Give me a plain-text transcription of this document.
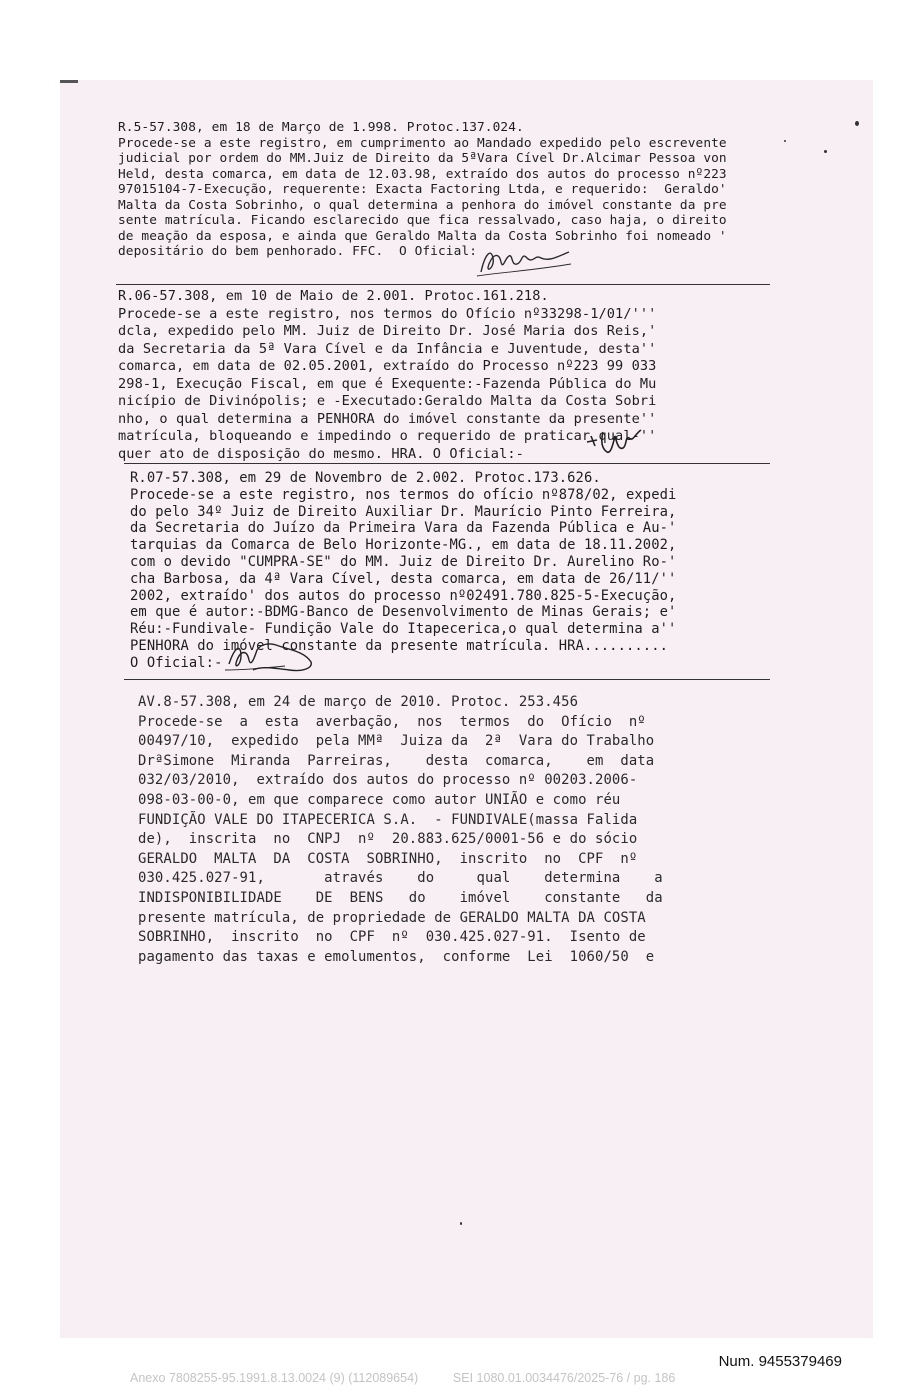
R.5-57.308, em 18 de Março de 1.998. Protoc.137.024.
Procede-se a este registro, em cumprimento ao Mandado expedido pelo escrevente
judicial por ordem do MM.Juiz de Direito da 5ªVara Cível Dr.Alcimar Pessoa von
Held, desta comarca, em data de 12.03.98, extraído dos autos do processo nº223
97015104-7-Execução, requerente: Exacta Factoring Ltda, e requerido:  Geraldo'
Malta da Costa Sobrinho, o qual determina a penhora do imóvel constante da pre
sente matrícula. Ficando esclarecido que fica ressalvado, caso haja, o direito
de meação da esposa, e ainda que Geraldo Malta da Costa Sobrinho foi nomeado '
depositário do bem penhorado. FFC.  O Oficial:
R.06-57.308, em 10 de Maio de 2.001. Protoc.161.218.
Procede-se a este registro, nos termos do Ofício nº33298-1/01/'''
dcla, expedido pelo MM. Juiz de Direito Dr. José Maria dos Reis,'
da Secretaria da 5ª Vara Cível e da Infância e Juventude, desta''
comarca, em data de 02.05.2001, extraído do Processo nº223 99 033
298-1, Execução Fiscal, em que é Exequente:-Fazenda Pública do Mu
nicípio de Divinópolis; e -Executado:Geraldo Malta da Costa Sobri
nho, o qual determina a PENHORA do imóvel constante da presente''
matrícula, bloqueando e impedindo o requerido de praticar qual-''
quer ato de disposição do mesmo. HRA. O Oficial:-
R.07-57.308, em 29 de Novembro de 2.002. Protoc.173.626.
Procede-se a este registro, nos termos do ofício nº878/02, expedi
do pelo 34º Juiz de Direito Auxiliar Dr. Maurício Pinto Ferreira,
da Secretaria do Juízo da Primeira Vara da Fazenda Pública e Au-'
tarquias da Comarca de Belo Horizonte-MG., em data de 18.11.2002,
com o devido "CUMPRA-SE" do MM. Juiz de Direito Dr. Aurelino Ro-'
cha Barbosa, da 4ª Vara Cível, desta comarca, em data de 26/11/''
2002, extraído' dos autos do processo nº02491.780.825-5-Execução,
em que é autor:-BDMG-Banco de Desenvolvimento de Minas Gerais; e'
Réu:-Fundivale- Fundição Vale do Itapecerica,o qual determina a''
PENHORA do imóvel constante da presente matrícula. HRA..........
O Oficial:-
AV.8-57.308, em 24 de março de 2010. Protoc. 253.456
Procede-se  a  esta  averbação,  nos  termos  do  Ofício  nº
00497/10,  expedido  pela MMª  Juiza da  2ª  Vara do Trabalho
DrªSimone  Miranda  Parreiras,    desta  comarca,    em  data
032/03/2010,  extraído dos autos do processo nº 00203.2006-
098-03-00-0, em que comparece como autor UNIÃO e como réu
FUNDIÇÃO VALE DO ITAPECERICA S.A.  - FUNDIVALE(massa Falida
de),  inscrita  no  CNPJ  nº  20.883.625/0001-56 e do sócio
GERALDO  MALTA  DA  COSTA  SOBRINHO,  inscrito  no  CPF  nº
030.425.027-91,       através    do     qual    determina    a
INDISPONIBILIDADE    DE  BENS   do    imóvel    constante   da
presente matrícula, de propriedade de GERALDO MALTA DA COSTA
SOBRINHO,  inscrito  no  CPF  nº  030.425.027-91.  Isento de
pagamento das taxas e emolumentos,  conforme  Lei  1060/50  e
Num. 9455379469
Anexo 7808255-95.1991.8.13.0024 (9) (112089654)          SEI 1080.01.0034476/2025-76 / pg. 186
